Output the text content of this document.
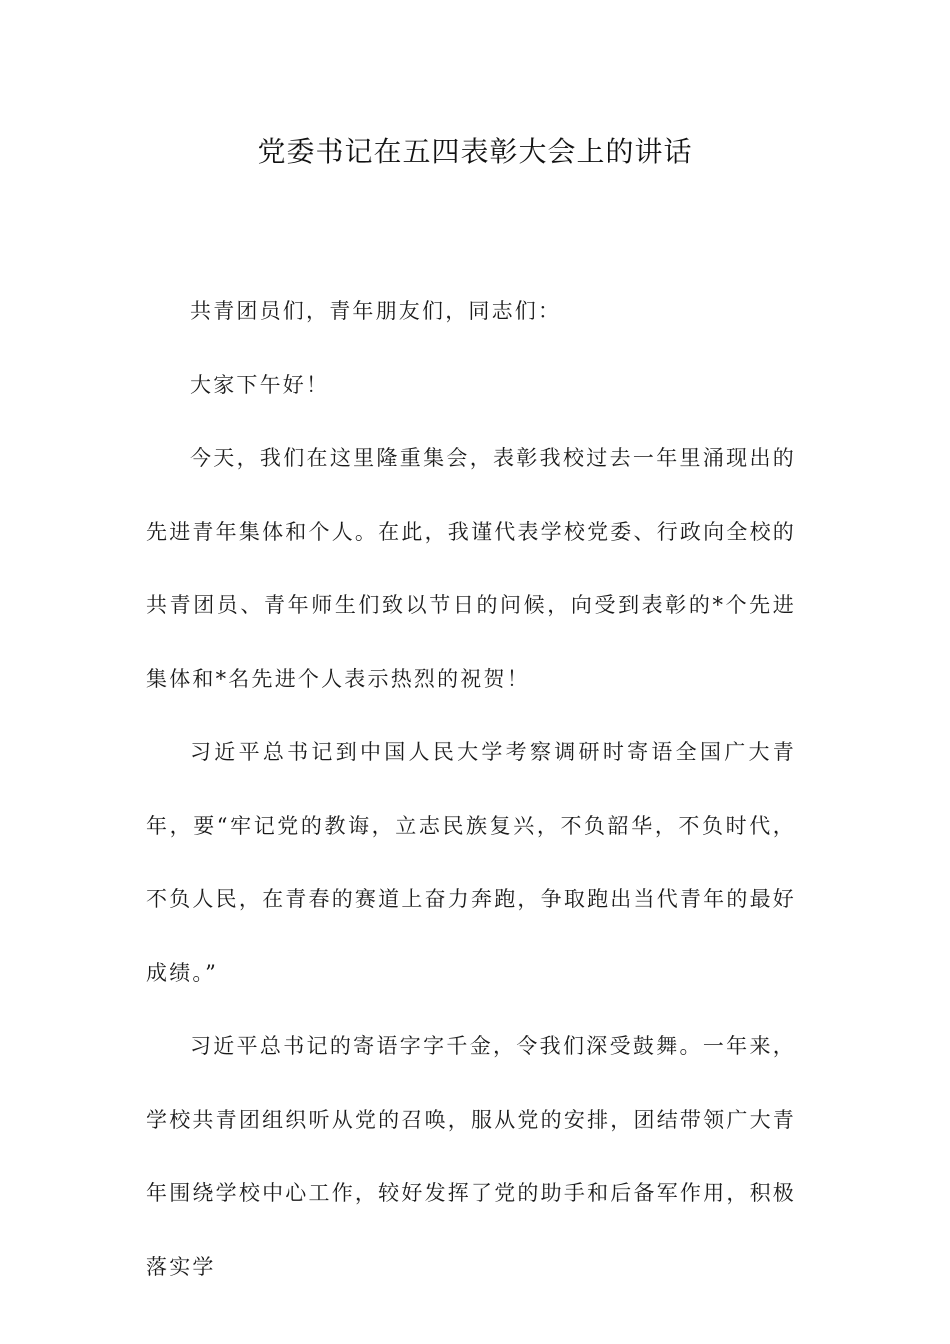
党委书记在五四表彰大会上的讲话

共青团员们，青年朋友们，同志们：

大家下午好！

今天，我们在这里隆重集会，表彰我校过去一年里涌现出的先进青年集体和个人。在此，我谨代表学校党委、行政向全校的共青团员、青年师生们致以节日的问候，向受到表彰的*个先进集体和*名先进个人表示热烈的祝贺！

习近平总书记到中国人民大学考察调研时寄语全国广大青年，要“牢记党的教诲，立志民族复兴，不负韶华，不负时代，不负人民，在青春的赛道上奋力奔跑，争取跑出当代青年的最好成绩。”

习近平总书记的寄语字字千金，令我们深受鼓舞。一年来，学校共青团组织听从党的召唤，服从党的安排，团结带领广大青年围绕学校中心工作，较好发挥了党的助手和后备军作用，积极落实学
